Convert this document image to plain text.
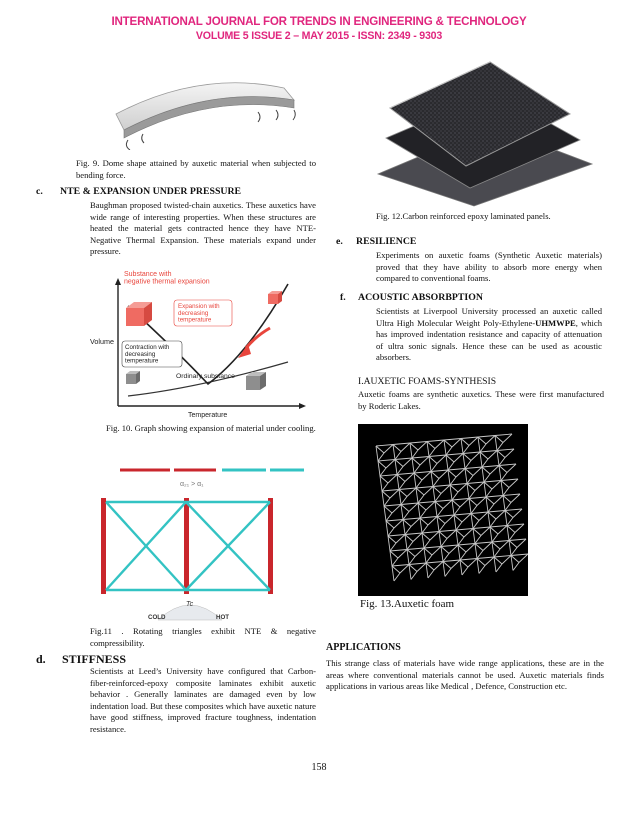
INTERNATIONAL JOURNAL FOR TRENDS IN ENGINEERING & TECHNOLOGY
VOLUME 5 ISSUE 2 – MAY 2015 - ISSN: 2349 - 9303
Fig. 9. Dome shape attained by auxetic material when subjected to bending force.
c. NTE & EXPANSION UNDER PRESSURE
Baughman proposed twisted-chain auxetics. These auxetics have wide range of interesting properties. When these structures are heated the material gets contracted hence they have NTE-Negative Thermal Expansion. These materials expand under pressure.
Substance with negative thermal expansion
Volume
Temperature
Ordinary substance
Expansion with decreasing temperature
Contraction with decreasing temperature
Fig. 10. Graph showing expansion of material under cooling.
α₂₁ > α₁
COLD	HOT
Tc
Fig.11 . Rotating triangles exhibit NTE & negative compressibility.
d. STIFFNESS
Scientists at Leed’s University have configured that Carbon-fiber-reinforced-epoxy composite laminates exhibit auxetic behavior . Generally laminates are damaged even by low indentation load. But these composites which have auxetic nature have good stiffness, improved fracture toughness, indentation resistance.
Fig. 12.Carbon reinforced epoxy laminated panels.
e. RESILIENCE
Experiments on auxetic foams (Synthetic Auxetic materials) proved that they have ability to absorb more energy when compared to conventional foams.
f. ACOUSTIC ABSORBPTION
Scientists at Liverpool University processed an auxetic called Ultra High Molecular Weight Poly-Ethylene-UHMWPE, which has improved indentation resistance and capacity of attenuation of ultra sonic signals. Hence these can be used as acoustic absorbers.
I.AUXETIC FOAMS-SYNTHESIS
Auxetic foams are synthetic auxetics. These were first manufactured by Roderic Lakes.
Fig. 13.Auxetic foam
APPLICATIONS
This strange class of materials have wide range applications, these are in the areas where conventional materials cannot be used. Auxetic materials finds applications in various areas like Medical , Defence, Construction etc.
158
